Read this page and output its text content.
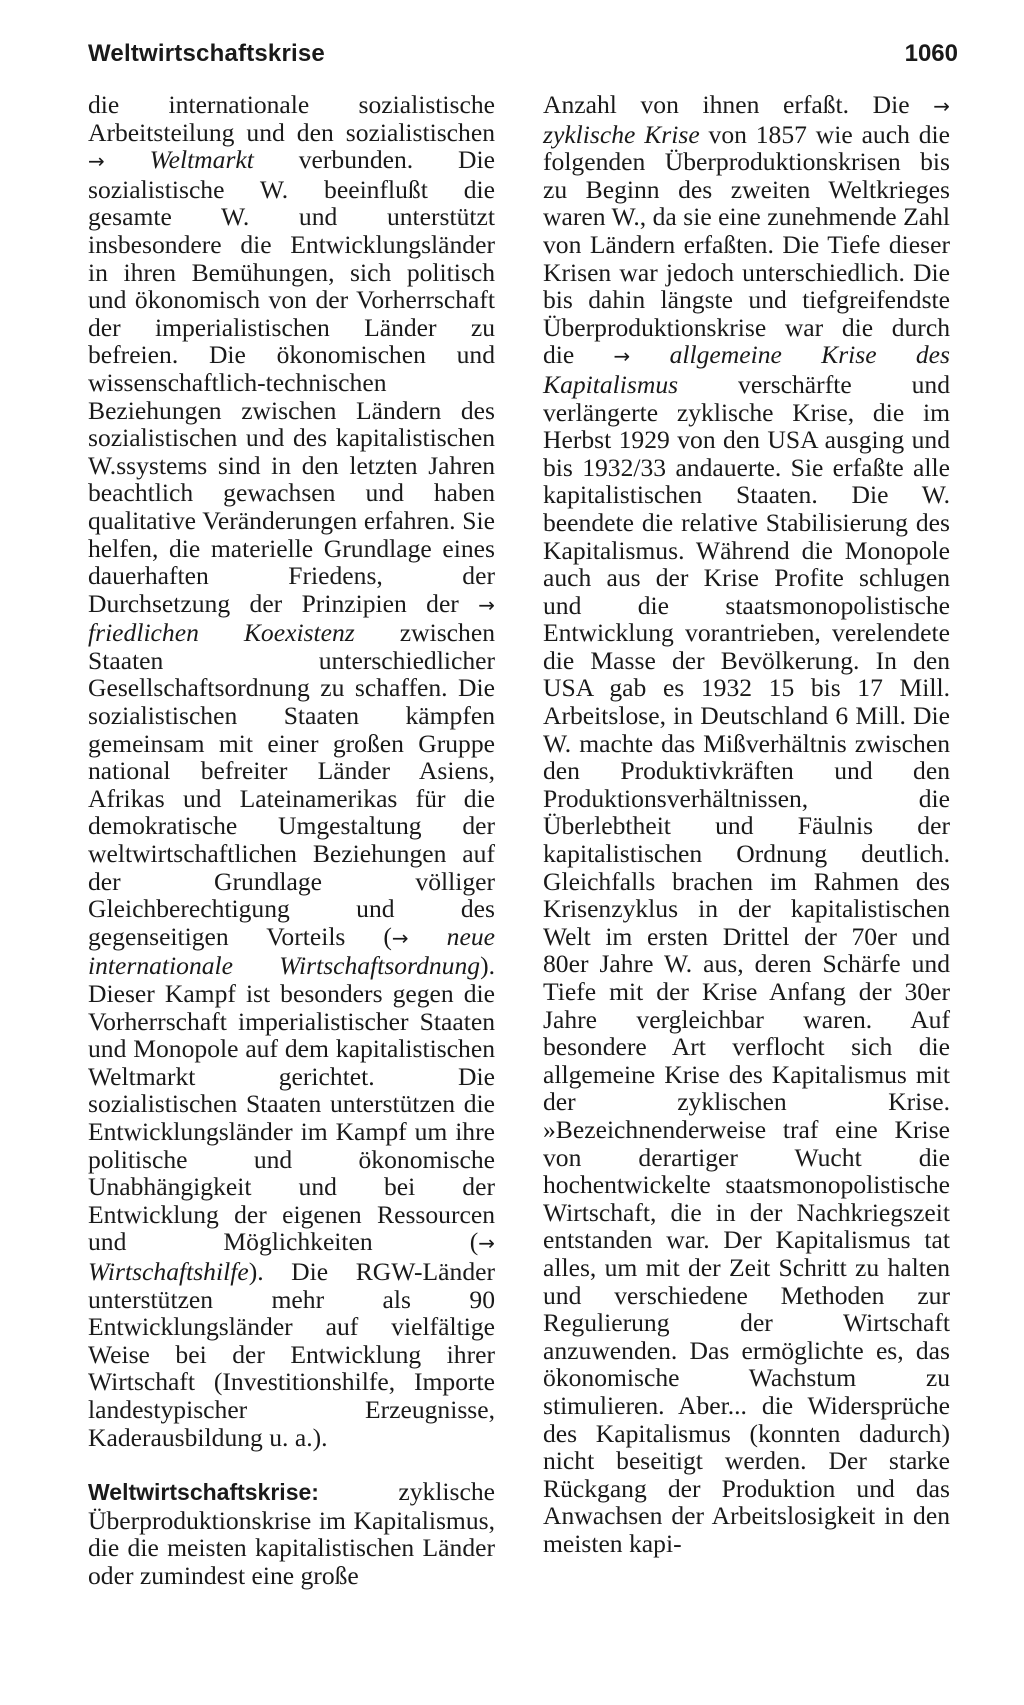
Weltwirtschaftskrise	1060

die internationale sozialistische Arbeitsteilung und den sozialistischen → Weltmarkt verbunden. Die sozialistische W. beeinflußt die gesamte W. und unterstützt insbesondere die Entwicklungsländer in ihren Bemühungen, sich politisch und ökonomisch von der Vorherrschaft der imperialistischen Länder zu befreien. Die ökonomischen und wissenschaftlich-technischen Beziehungen zwischen Ländern des sozialistischen und des kapitalistischen W.ssystems sind in den letzten Jahren beachtlich gewachsen und haben qualitative Veränderungen erfahren. Sie helfen, die materielle Grundlage eines dauerhaften Friedens, der Durchsetzung der Prinzipien der → friedlichen Koexistenz zwischen Staaten unterschiedlicher Gesellschaftsordnung zu schaffen. Die sozialistischen Staaten kämpfen gemeinsam mit einer großen Gruppe national befreiter Länder Asiens, Afrikas und Lateinamerikas für die demokratische Umgestaltung der weltwirtschaftlichen Beziehungen auf der Grundlage völliger Gleichberechtigung und des gegenseitigen Vorteils (→ neue internationale Wirtschaftsordnung). Dieser Kampf ist besonders gegen die Vorherrschaft imperialistischer Staaten und Monopole auf dem kapitalistischen Weltmarkt gerichtet. Die sozialistischen Staaten unterstützen die Entwicklungsländer im Kampf um ihre politische und ökonomische Unabhängigkeit und bei der Entwicklung der eigenen Ressourcen und Möglichkeiten (→ Wirtschaftshilfe). Die RGW-Länder unterstützen mehr als 90 Entwicklungsländer auf vielfältige Weise bei der Entwicklung ihrer Wirtschaft (Investitionshilfe, Importe landestypischer Erzeugnisse, Kaderausbildung u. a.).

Weltwirtschaftskrise:	zyklische Überproduktionskrise im Kapitalismus, die die meisten kapitalistischen Länder oder zumindest eine große

Anzahl von ihnen erfaßt. Die → zyklische Krise von 1857 wie auch die folgenden Überproduktionskrisen bis zu Beginn des zweiten Weltkrieges waren W., da sie eine zunehmende Zahl von Ländern erfaßten. Die Tiefe dieser Krisen war jedoch unterschiedlich. Die bis dahin längste und tiefgreifendste Überproduktionskrise war die durch die → allgemeine Krise des Kapitalismus verschärfte und verlängerte zyklische Krise, die im Herbst 1929 von den USA ausging und bis 1932/33 andauerte. Sie erfaßte alle kapitalistischen Staaten. Die W. beendete die relative Stabilisierung des Kapitalismus. Während die Monopole auch aus der Krise Profite schlugen und die staatsmonopolistische Entwicklung vorantrieben, verelendete die Masse der Bevölkerung. In den USA gab es 1932 15 bis 17 Mill. Arbeitslose, in Deutschland 6 Mill. Die W. machte das Mißverhältnis zwischen den Produktivkräften und den Produktionsverhältnissen, die Überlebtheit und Fäulnis der kapitalistischen Ordnung deutlich. Gleichfalls brachen im Rahmen des Krisenzyklus in der kapitalistischen Welt im ersten Drittel der 70er und 80er Jahre W. aus, deren Schärfe und Tiefe mit der Krise Anfang der 30er Jahre vergleichbar waren. Auf besondere Art verflocht sich die allgemeine Krise des Kapitalismus mit der zyklischen Krise. »Bezeichnenderweise traf eine Krise von derartiger Wucht die hochentwickelte staatsmonopolistische Wirtschaft, die in der Nachkriegszeit entstanden war. Der Kapitalismus tat alles, um mit der Zeit Schritt zu halten und verschiedene Methoden zur Regulierung der Wirtschaft anzuwenden. Das ermöglichte es, das ökonomische Wachstum zu stimulieren. Aber... die Widersprüche des Kapitalismus (konnten dadurch) nicht beseitigt werden. Der starke Rückgang der Produktion und das Anwachsen der Arbeitslosigkeit in den meisten kapi-
